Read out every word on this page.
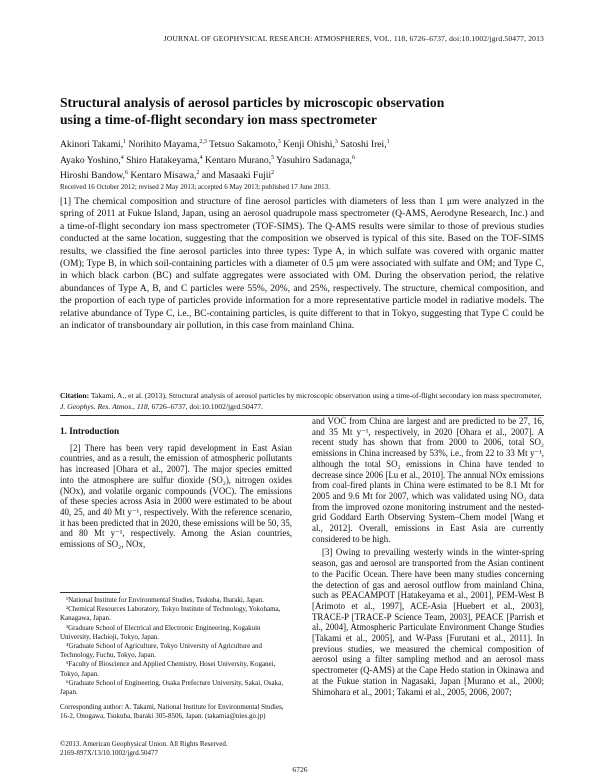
JOURNAL OF GEOPHYSICAL RESEARCH: ATMOSPHERES, VOL. 118, 6726–6737, doi:10.1002/jgrd.50477, 2013
Structural analysis of aerosol particles by microscopic observation
using a time-of-flight secondary ion mass spectrometer
Akinori Takami,$^1$ Norihito Mayama,$^{2,3}$ Tetsuo Sakamoto,$^3$ Kenji Ohishi,$^3$ Satoshi Irei,$^1$
Ayako Yoshino,$^4$ Shiro Hatakeyama,$^4$ Kentaro Murano,$^5$ Yasuhiro Sadanaga,$^6$
Hiroshi Bandow,$^6$ Kentaro Misawa,$^2$ and Masaaki Fujii$^2$
Received 16 October 2012; revised 2 May 2013; accepted 6 May 2013; published 17 June 2013.
[1] The chemical composition and structure of fine aerosol particles with diameters of less than 1 μm were analyzed in the spring of 2011 at Fukue Island, Japan, using an aerosol quadrupole mass spectrometer (Q-AMS, Aerodyne Research, Inc.) and a time-of-flight secondary ion mass spectrometer (TOF-SIMS). The Q-AMS results were similar to those of previous studies conducted at the same location, suggesting that the composition we observed is typical of this site. Based on the TOF-SIMS results, we classified the fine aerosol particles into three types: Type A, in which sulfate was covered with organic matter (OM); Type B, in which soil-containing particles with a diameter of 0.5 μm were associated with sulfate and OM; and Type C, in which black carbon (BC) and sulfate aggregates were associated with OM. During the observation period, the relative abundances of Type A, B, and C particles were 55%, 20%, and 25%, respectively. The structure, chemical composition, and the proportion of each type of particles provide information for a more representative particle model in radiative models. The relative abundance of Type C, i.e., BC-containing particles, is quite different to that in Tokyo, suggesting that Type C could be an indicator of transboundary air pollution, in this case from mainland China.
Citation: Takami, A., et al. (2013), Structural analysis of aerosol particles by microscopic observation using a time-of-flight secondary ion mass spectrometer, J. Geophys. Res. Atmos., 118, 6726–6737, doi:10.1002/jgrd.50477.
1. Introduction
[2] There has been very rapid development in East Asian countries, and as a result, the emission of atmospheric pollutants has increased [Ohara et al., 2007]. The major species emitted into the atmosphere are sulfur dioxide (SO₂), nitrogen oxides (NOx), and volatile organic compounds (VOC). The emissions of these species across Asia in 2000 were estimated to be about 40, 25, and 40 Mt y⁻¹, respectively. With the reference scenario, it has been predicted that in 2020, these emissions will be 50, 35, and 80 Mt y⁻¹, respectively. Among the Asian countries, emissions of SO₂, NOx,
and VOC from China are largest and are predicted to be 27, 16, and 35 Mt y⁻¹, respectively, in 2020 [Ohara et al., 2007]. A recent study has shown that from 2000 to 2006, total SO₂ emissions in China increased by 53%, i.e., from 22 to 33 Mt y⁻¹, although the total SO₂ emissions in China have tended to decrease since 2006 [Lu et al., 2010]. The annual NOx emissions from coal-fired plants in China were estimated to be 8.1 Mt for 2005 and 9.6 Mt for 2007, which was validated using NO₂ data from the improved ozone monitoring instrument and the nested-grid Goddard Earth Observing System–Chem model [Wang et al., 2012]. Overall, emissions in East Asia are currently considered to be high.
[3] Owing to prevailing westerly winds in the winter-spring season, gas and aerosol are transported from the Asian continent to the Pacific Ocean. There have been many studies concerning the detection of gas and aerosol outflow from mainland China, such as PEACAMPOT [Hatakeyama et al., 2001], PEM-West B [Arimoto et al., 1997], ACE-Asia [Huebert et al., 2003], TRACE-P [TRACE-P Science Team, 2003], PEACE [Parrish et al., 2004], Atmospheric Particulate Environment Change Studies [Takami et al., 2005], and W-Pass [Furutani et al., 2011]. In previous studies, we measured the chemical composition of aerosol using a filter sampling method and an aerosol mass spectrometer (Q-AMS) at the Cape Hedo station in Okinawa and at the Fukue station in Nagasaki, Japan [Murano et al., 2000; Shimohara et al., 2001; Takami et al., 2005, 2006, 2007;
¹National Institute for Environmental Studies, Tsukuba, Ibaraki, Japan.
²Chemical Resources Laboratory, Tokyo Institute of Technology, Yokohama, Kanagawa, Japan.
³Graduate School of Electrical and Electronic Engineering, Kogakuin University, Hachioji, Tokyo, Japan.
⁴Graduate School of Agriculture, Tokyo University of Agriculture and Technology, Fuchu, Tokyo, Japan.
⁵Faculty of Bioscience and Applied Chemistry, Hosei University, Koganei, Tokyo, Japan.
⁶Graduate School of Engineering, Osaka Prefecture University, Sakai, Osaka, Japan.
Corresponding author: A. Takami, National Institute for Environmental Studies, 16-2, Onogawa, Tsukuba, Ibaraki 305-8506, Japan. (takamia@nies.go.jp)
©2013. American Geophysical Union. All Rights Reserved.
2169-897X/13/10.1002/jgrd.50477
6726
